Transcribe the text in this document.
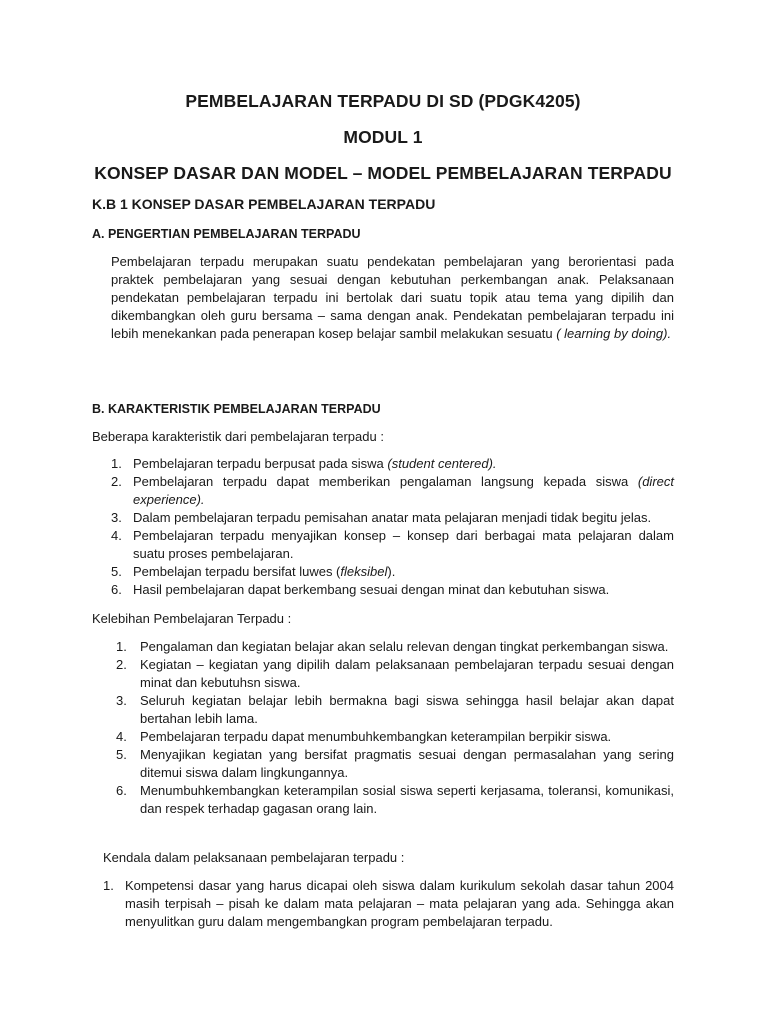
PEMBELAJARAN TERPADU DI SD (PDGK4205)
MODUL 1
KONSEP DASAR DAN MODEL – MODEL PEMBELAJARAN TERPADU
K.B 1 KONSEP DASAR PEMBELAJARAN TERPADU
A. PENGERTIAN PEMBELAJARAN TERPADU

Pembelajaran terpadu merupakan suatu pendekatan pembelajaran yang berorientasi pada praktek pembelajaran yang sesuai dengan kebutuhan perkembangan anak. Pelaksanaan pendekatan pembelajaran terpadu ini bertolak dari suatu topik atau tema yang dipilih dan dikembangkan oleh guru bersama – sama dengan anak. Pendekatan pembelajaran terpadu ini lebih menekankan pada penerapan kosep belajar sambil melakukan sesuatu ( learning by doing).

B. KARAKTERISTIK PEMBELAJARAN TERPADU

Beberapa karakteristik dari pembelajaran terpadu :

1. Pembelajaran terpadu berpusat pada siswa (student centered).
2. Pembelajaran terpadu dapat memberikan pengalaman langsung kepada siswa (direct experience).
3. Dalam pembelajaran terpadu pemisahan anatar mata pelajaran menjadi tidak begitu jelas.
4. Pembelajaran terpadu menyajikan konsep – konsep dari berbagai mata pelajaran dalam suatu proses pembelajaran.
5. Pembelajan terpadu bersifat luwes (fleksibel).
6. Hasil pembelajaran dapat berkembang sesuai dengan minat dan kebutuhan siswa.

Kelebihan Pembelajaran Terpadu :

1. Pengalaman dan kegiatan belajar akan selalu relevan dengan tingkat perkembangan siswa.
2. Kegiatan – kegiatan yang dipilih dalam pelaksanaan pembelajaran terpadu sesuai dengan minat dan kebutuhsn siswa.
3. Seluruh kegiatan belajar lebih bermakna bagi siswa sehingga hasil belajar akan dapat bertahan lebih lama.
4. Pembelajaran terpadu dapat menumbuhkembangkan keterampilan berpikir siswa.
5. Menyajikan kegiatan yang bersifat pragmatis sesuai dengan permasalahan yang sering ditemui siswa dalam lingkungannya.
6. Menumbuhkembangkan keterampilan sosial siswa seperti kerjasama, toleransi, komunikasi, dan respek terhadap gagasan orang lain.

Kendala dalam pelaksanaan pembelajaran terpadu :

1. Kompetensi dasar yang harus dicapai oleh siswa dalam kurikulum sekolah dasar tahun 2004 masih terpisah – pisah ke dalam mata pelajaran – mata pelajaran yang ada. Sehingga akan menyulitkan guru dalam mengembangkan program pembelajaran terpadu.
